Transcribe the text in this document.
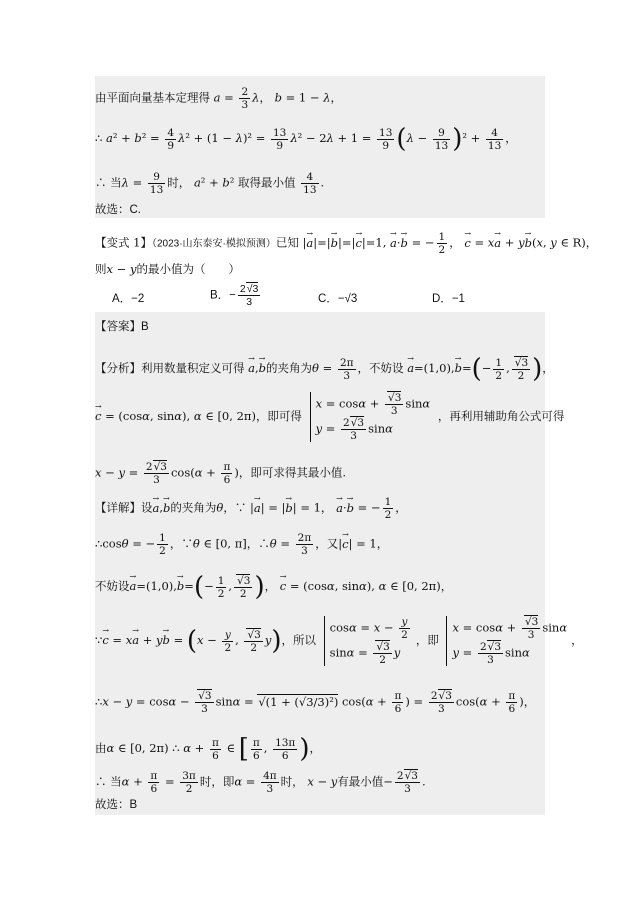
由平面向量基本定理得 $a = \frac{2}{3}$ λ， b = 1 − λ，
∴ $a^2 + b^2 = \frac{4}{9} \lambda^2 + (1 - \lambda)^2 = \frac{13}{9} \lambda^2 - 2\lambda + 1 = \frac{13}{9} (\lambda - \frac{9}{13} )^2 + \frac{4}{13}$ ，
∴ 当$\lambda = \frac{9}{13}$ 时， a² + b² 取得最小值 $\frac{4}{13}$ .
故选：C.
【变式 1】（2023·山东泰安·模拟预测）已知 |→ a|=|→ b|=|→ c|=1, → a·→ b = − $\frac{1}{2}$ ， → c = x→ a + y→ b(x, y ∈ R)，
则x − y的最小值为（　　）
A．−2	B．− $\frac{2√3}{3}$	C．−√3	D．−1
【答案】B
【分析】利用数量积定义可得 → a,→ b的夹角为$\theta = \frac{2\pi}{3}$ ，不妨设 → $a=(1,0),\to b=(- \frac{1}{2}$ , $\frac{√3}{2}$ )，
→ c = (cosα, sinα), α ∈ [0, 2π)，即可得
$x = \cos\alpha + \frac{√3}{3}$ sinα
$y = \frac{2√3}{3}$ sinα
，再利用辅助角公式可得
$x - y = \frac{2√3}{3} \cos(\alpha + \frac{\pi}{6}$ )，即可求得其最小值.
【详解】设→ a,→ b的夹角为θ，∵ |→ a| = |→ b| = 1， → a·→ b = − $\frac{1}{2}$ ，
∴cosθ = − $\frac{1}{2}$ ，∵θ ∈ [0, π]，∴θ = $\frac{2\pi}{3}$ ，又|→ c| = 1，
不妨设→ $a=(1,0),\to b=(- \frac{1}{2}$ , $\frac{√3}{2}$ )， → c = (cosα, sinα), α ∈ [0, 2π)，
∵→ $c = x\to a + y\to b = (x - \frac{y}{2}$ , $\frac{√3}{2} y$)，所以
$\cos\alpha = x - \frac{y}{2}$
$\sin\alpha = \frac{√3}{2}$ y
，即
$x = \cos\alpha + \frac{√3}{3}$ sinα
$y = \frac{2√3}{3}$ sinα
，
∴x − $y = \cos\alpha - \frac{√3}{3}$ sinα = √(1 + (√3/3)²) $\cos(\alpha + \frac{\pi}{6}$ ) = $\frac{2√3}{3} \cos(\alpha + \frac{\pi}{6}$ )，
由α ∈ [0, 2π) ∴ $\alpha + \frac{\pi}{6}$ ∈ [ $\frac{\pi}{6}$ , $\frac{13\pi}{6}$ )，
∴ 当$\alpha + \frac{\pi}{6} = \frac{3\pi}{2}$ 时，即$\alpha = \frac{4\pi}{3}$ 时， x − y有最小值− $\frac{2√3}{3}$ .
故选：B
